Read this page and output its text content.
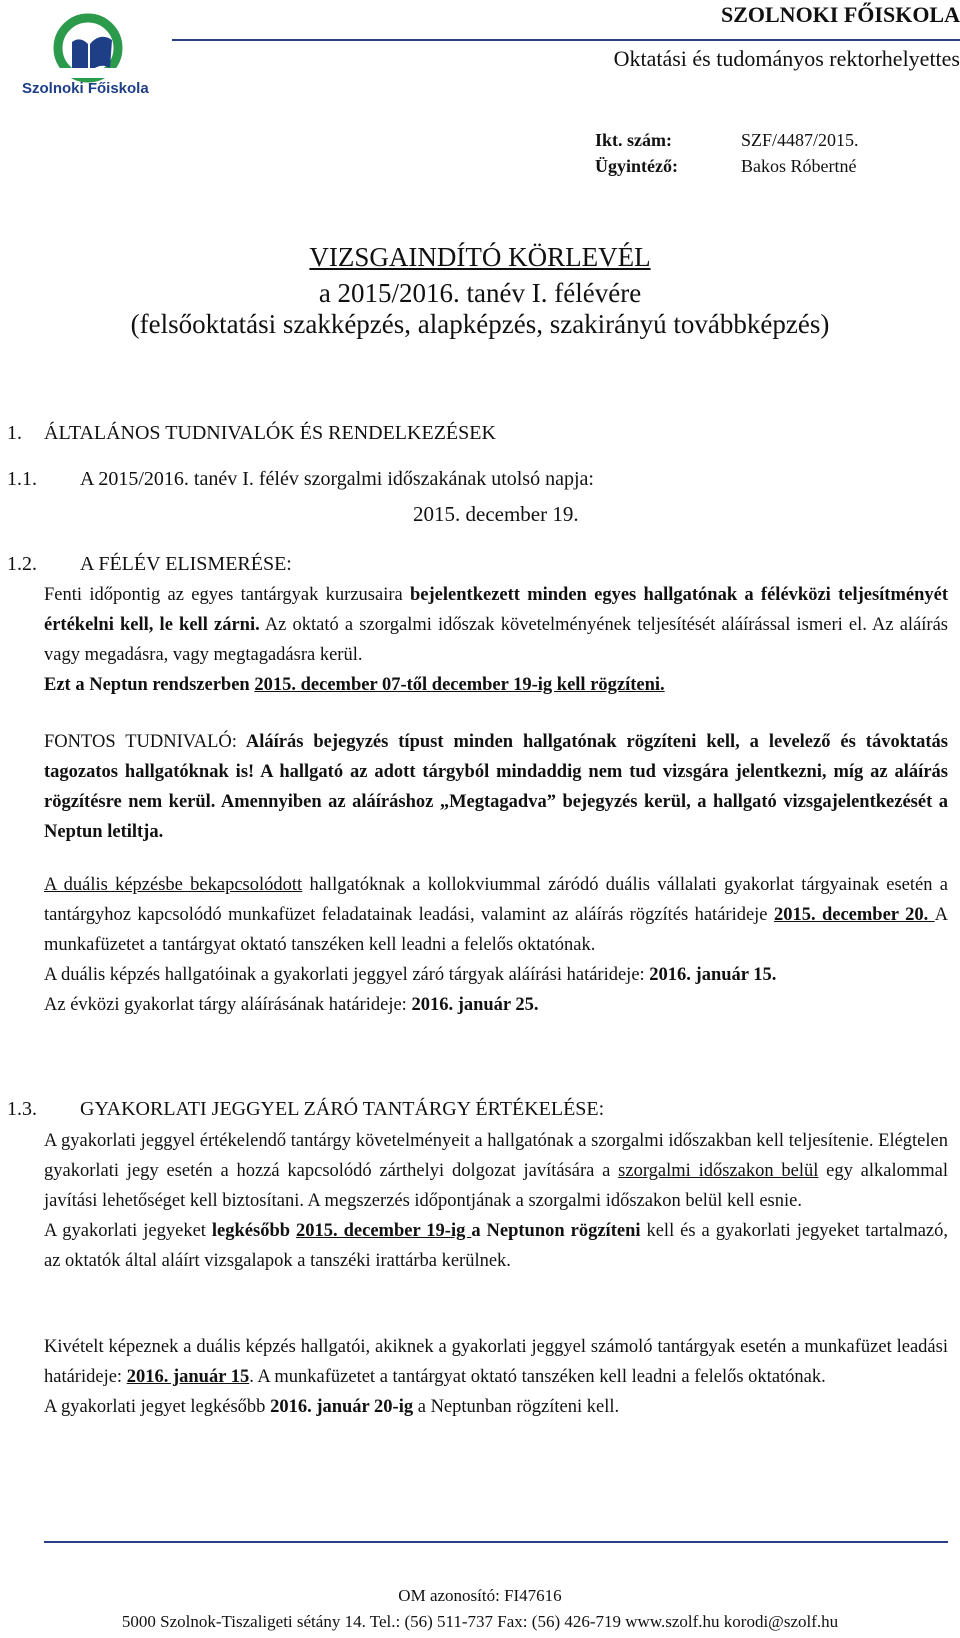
Szolnoki Főiskola
SZOLNOKI FŐISKOLA
Oktatási és tudományos rektorhelyettes
Ikt. szám:	SZF/4487/2015.
Ügyintéző:	Bakos Róbertné
VIZSGAINDÍTÓ KÖRLEVÉL
a 2015/2016. tanév I. félévére
(felsőoktatási szakképzés, alapképzés, szakirányú továbbképzés)
1. ÁLTALÁNOS TUDNIVALÓK ÉS RENDELKEZÉSEK
1.1. A 2015/2016. tanév I. félév szorgalmi időszakának utolsó napja:
2015. december 19.
1.2. A FÉLÉV ELISMERÉSE:
Fenti időpontig az egyes tantárgyak kurzusaira bejelentkezett minden egyes hallgatónak a félévközi teljesítményét értékelni kell, le kell zárni. Az oktató a szorgalmi időszak követelményének teljesítését aláírással ismeri el. Az aláírás vagy megadásra, vagy megtagadásra kerül.
Ezt a Neptun rendszerben 2015. december 07-től december 19-ig kell rögzíteni.
FONTOS TUDNIVALÓ: Aláírás bejegyzés típust minden hallgatónak rögzíteni kell, a levelező és távoktatás tagozatos hallgatóknak is! A hallgató az adott tárgyból mindaddig nem tud vizsgára jelentkezni, míg az aláírás rögzítésre nem kerül. Amennyiben az aláíráshoz „Megtagadva” bejegyzés kerül, a hallgató vizsgajelentkezését a Neptun letiltja.
A duális képzésbe bekapcsolódott hallgatóknak a kollokviummal záródó duális vállalati gyakorlat tárgyainak esetén a tantárgyhoz kapcsolódó munkafüzet feladatainak leadási, valamint az aláírás rögzítés határideje 2015. december 20. A munkafüzetet a tantárgyat oktató tanszéken kell leadni a felelős oktatónak.
A duális képzés hallgatóinak a gyakorlati jeggyel záró tárgyak aláírási határideje: 2016. január 15.
Az évközi gyakorlat tárgy aláírásának határideje: 2016. január 25.
1.3. GYAKORLATI JEGGYEL ZÁRÓ TANTÁRGY ÉRTÉKELÉSE:
A gyakorlati jeggyel értékelendő tantárgy követelményeit a hallgatónak a szorgalmi időszakban kell teljesítenie. Elégtelen gyakorlati jegy esetén a hozzá kapcsolódó zárthelyi dolgozat javítására a szorgalmi időszakon belül egy alkalommal javítási lehetőséget kell biztosítani. A megszerzés időpontjának a szorgalmi időszakon belül kell esnie.
A gyakorlati jegyeket legkésőbb 2015. december 19-ig a Neptunon rögzíteni kell és a gyakorlati jegyeket tartalmazó, az oktatók által aláírt vizsgalapok a tanszéki irattárba kerülnek.
Kivételt képeznek a duális képzés hallgatói, akiknek a gyakorlati jeggyel számoló tantárgyak esetén a munkafüzet leadási határideje: 2016. január 15. A munkafüzetet a tantárgyat oktató tanszéken kell leadni a felelős oktatónak.
A gyakorlati jegyet legkésőbb 2016. január 20-ig a Neptunban rögzíteni kell.
OM azonosító: FI47616
5000 Szolnok-Tiszaligeti sétány 14. Tel.: (56) 511-737 Fax: (56) 426-719 www.szolf.hu korodi@szolf.hu
